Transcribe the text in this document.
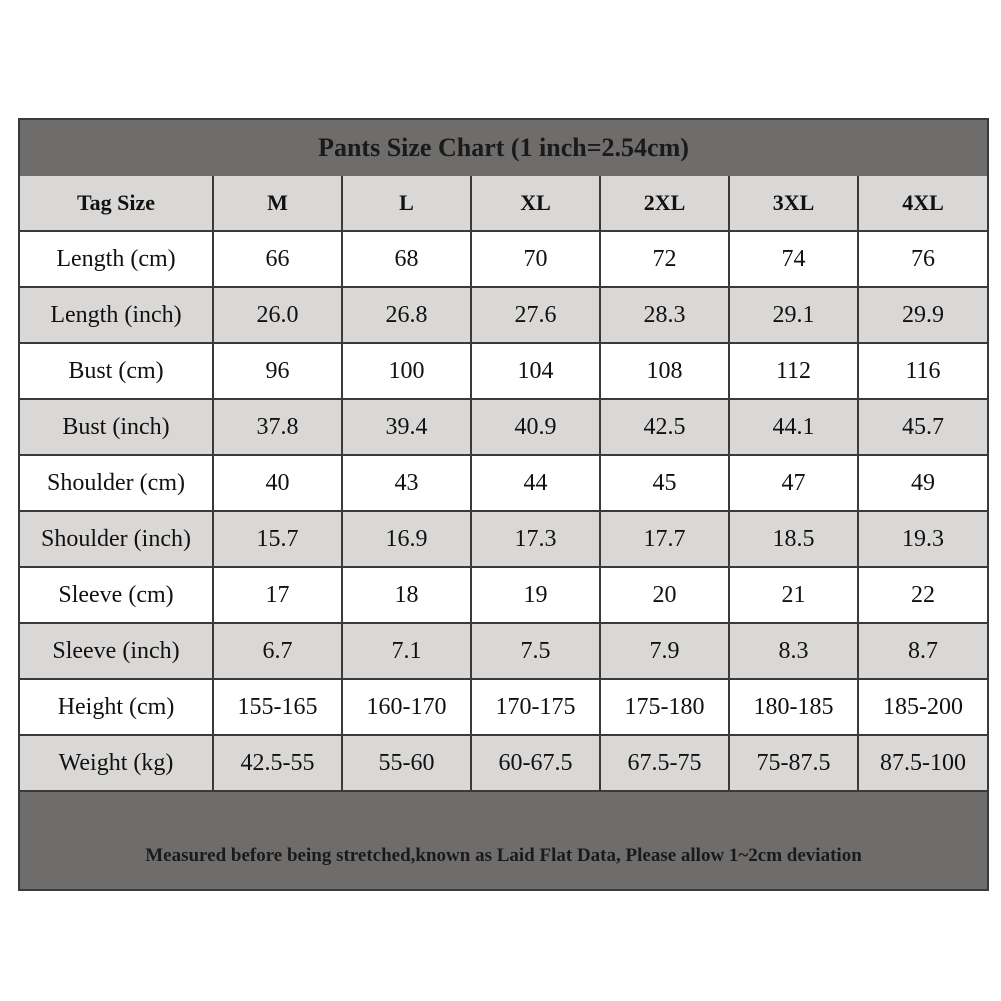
Pants Size Chart (1 inch=2.54cm)
Tag Size	M	L	XL	2XL	3XL	4XL
Length (cm)	66	68	70	72	74	76
Length (inch)	26.0	26.8	27.6	28.3	29.1	29.9
Bust (cm)	96	100	104	108	112	116
Bust (inch)	37.8	39.4	40.9	42.5	44.1	45.7
Shoulder (cm)	40	43	44	45	47	49
Shoulder (inch)	15.7	16.9	17.3	17.7	18.5	19.3
Sleeve (cm)	17	18	19	20	21	22
Sleeve (inch)	6.7	7.1	7.5	7.9	8.3	8.7
Height (cm)	155-165	160-170	170-175	175-180	180-185	185-200
Weight (kg)	42.5-55	55-60	60-67.5	67.5-75	75-87.5	87.5-100
Measured before being stretched,known as Laid Flat Data, Please allow 1~2cm deviation
